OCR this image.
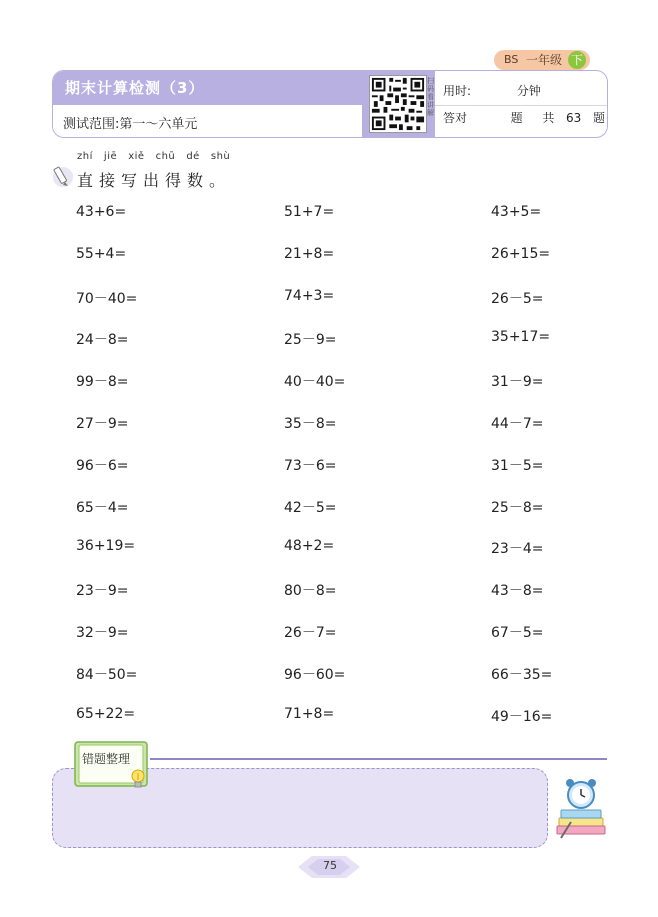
BS 一年级 下
期末计算检测（3）
测试范围:第一～六单元
扫码看讲解
用时:	分钟
答对	题 共 63 题
zhí jiē xiě chū dé shù
直接写出得数。
43+6=	51+7=	43+5=
55+4=	21+8=	26+15=
70－40=	74+3=	26－5=
24－8=	25－9=	35+17=
99－8=	40－40=	31－9=
27－9=	35－8=	44－7=
96－6=	73－6=	31－5=
65－4=	42－5=	25－8=
36+19=	48+2=	23－4=
23－9=	80－8=	43－8=
32－9=	26－7=	67－5=
84－50=	96－60=	66－35=
65+22=	71+8=	49－16=
错题整理
75
